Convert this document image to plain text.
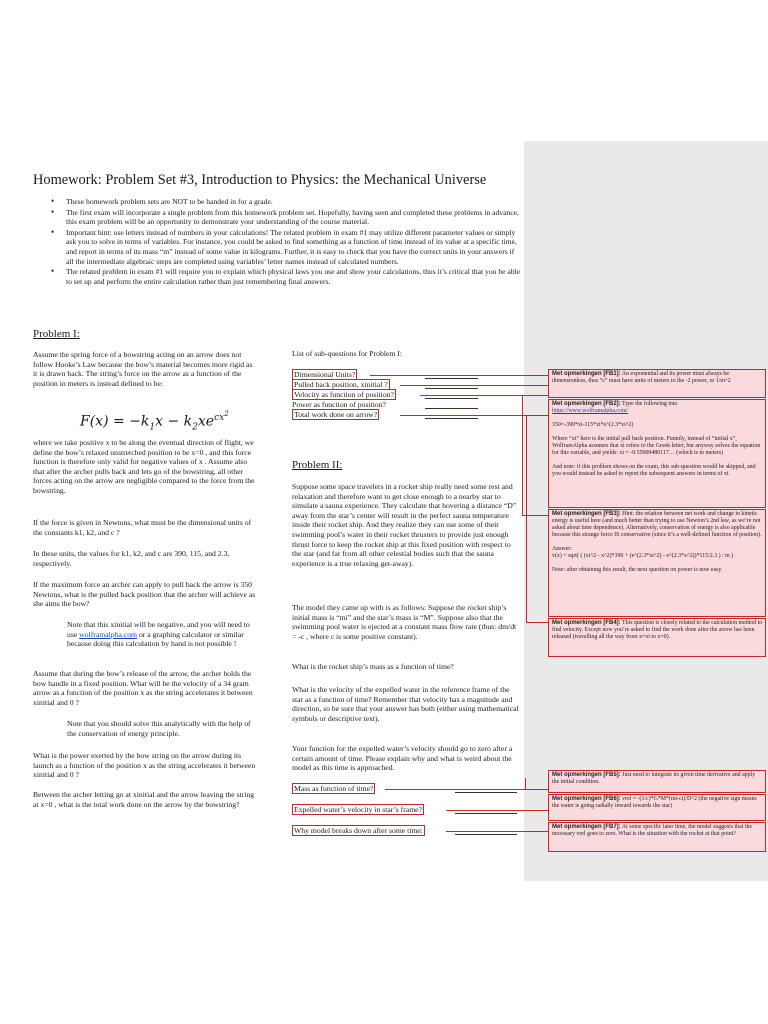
Homework: Problem Set #3, Introduction to Physics: the Mechanical Universe
• These homework problem sets are NOT to be handed in for a grade.
• The first exam will incorporate a single problem from this homework problem set. Hopefully, having seen and completed these problems in advance, this exam problem will be an opportunity to demonstrate your understanding of the course material.
• Important hint: use letters instead of numbers in your calculations! The related problem in exam #1 may utilize different parameter values or simply ask you to solve in terms of variables. For instance, you could be asked to find something as a function of time instead of its value at a specific time, and report in terms of its mass “m” instead of some value in kilograms. Further, it is easy to check that you have the correct units in your answers if all the intermediate algebraic steps are completed using variables’ letter names instead of calculated numbers.
• The related problem in exam #1 will require you to explain which physical laws you use and show your calculations, thus it’s critical that you be able to set up and perform the entire calculation rather than just remembering final answers.
Problem I:
Assume the spring force of a bowstring acting on an arrow does not follow Hooke’s Law because the bow’s material becomes more rigid as it is drawn back. The string’s force on the arrow as a function of the position in meters is instead defined to be:
$F(x) = -k_1x - k_2xe^{cx^2}$
where we take positive x to be along the eventual direction of flight, we define the bow’s relaxed unstretched position to be x=0 , and this force function is therefore only valid for negative values of x . Assume also that after the archer pulls back and lets go of the bowstring, all other forces acting on the arrow are negligible compared to the force from the bowstring.
If the force is given in Newtons, what must be the dimensional units of the constants k1, k2, and c ?
In these units, the values for k1, k2, and c are 390, 115, and 2.3, respectively.
If the maximum force an archer can apply to pull back the arrow is 350 Newtons, what is the pulled back position that the archer will achieve as she aims the bow?
Note that this xinitial will be negative, and you will need to use wolframalpha.com or a graphing calculator or similar because doing this calculation by hand is not possible !
Assume that during the bow’s release of the arrow, the archer holds the bow handle in a fixed position. What will be the velocity of a 34 gram arrow as a function of the position x as the string accelerates it between xinitial and 0 ?
Note that you should solve this analytically with the help of the conservation of energy principle.
What is the power exerted by the bow string on the arrow during its launch as a function of the position x as the string accelerates it between xinitial and 0 ?
Between the archer letting go at xinitial and the arrow leaving the string at x=0 , what is the total work done on the arrow by the bowstring?
List of sub-questions for Problem I:
Dimensional Units?
Pulled back position, xinitial ?
Velocity as function of position?
Power as function of position?
Total work done on arrow?
Problem II:
Suppose some space travelers in a rocket ship really need some rest and relaxation and therefore want to get close enough to a nearby star to simulate a sauna experience. They calculate that hovering a distance “D” away from the star’s center will result in the perfect sauna temperature inside their rocket ship. And they realize they can use some of their swimming pool’s water in their rocket thrusters to provide just enough thrust force to keep the rocket ship at this fixed position with respect to the star (and far from all other celestial bodies such that the sauna experience is a true relaxing get-away).
The model they came up with is as follows: Suppose the rocket ship’s initial mass is “mi” and the star’s mass is “M”. Suppose also that the swimming pool water is ejected at a constant mass flow rate (thus: dm/dt = -c , where c is some positive constant).
What is the rocket ship’s mass as a function of time?
What is the velocity of the expelled water in the reference frame of the star as a function of time? Remember that velocity has a magnitude and direction, so be sure that your answer has both (either using mathematical symbols or descriptive text).
Your function for the expelled water’s velocity should go to zero after a certain amount of time. Please explain why and what is weird about the model as this time is approached.
Mass as function of time?
Expelled water’s velocity in star’s frame?
Why model breaks down after some time:
Met opmerkingen [FB1]: An exponential and its power must always be dimensionless, thus “c” must have units of meters to the -2 power, or 1/m^2
Met opmerkingen [FB2]: Type the following into
https://www.wolframalpha.com/

350=-390*xi-115*xi*e^(2.3*xi^2)

Where “xi” here is the initial pull back position. Funnily, instead of “initial x”, WolframAlpha assumes that xi refers to the Greek letter, but anyway solves the equation for this variable, and yields: xi = -0.55909480117… (which is in meters)

And note: if this problem shows on the exam, this sub-question would be skipped, and you would instead be asked to report the subsequent answers in terms of xi.
Met opmerkingen [FB3]: Hint: the relation between net work and change in kinetic energy is useful here (and much better than trying to use Newton’s 2nd law, as we’re not asked about time dependence). Alternatively, conservation of energy is also applicable because this strange force IS conservative (since it’s a well-defined function of position).

Answer:
v(x) = sqrt( ( (xi^2 - x^2)*390 + (e^(2.3*xi^2) - e^(2.3*x^2))*115/2.3 ) / m )

Note: after obtaining this result, the next question on power is now easy.
Met opmerkingen [FB4]: This question is closely related to the calculation method to find velocity. Except now you’re asked to find the work done after the arrow has been released (travelling all the way from x=xi to x=0).
Met opmerkingen [FB5]: Just need to integrate its given time derivative and apply the initial condition.
Met opmerkingen [FB6]: vrel = -(1/c)*G*M*(mi-ct)/D^2 (the negative sign means the water is going radially inward towards the star)
Met opmerkingen [FB7]: At some specific later time, the model suggests that the necessary vrel goes to zero. What is the situation with the rocket at that point?
